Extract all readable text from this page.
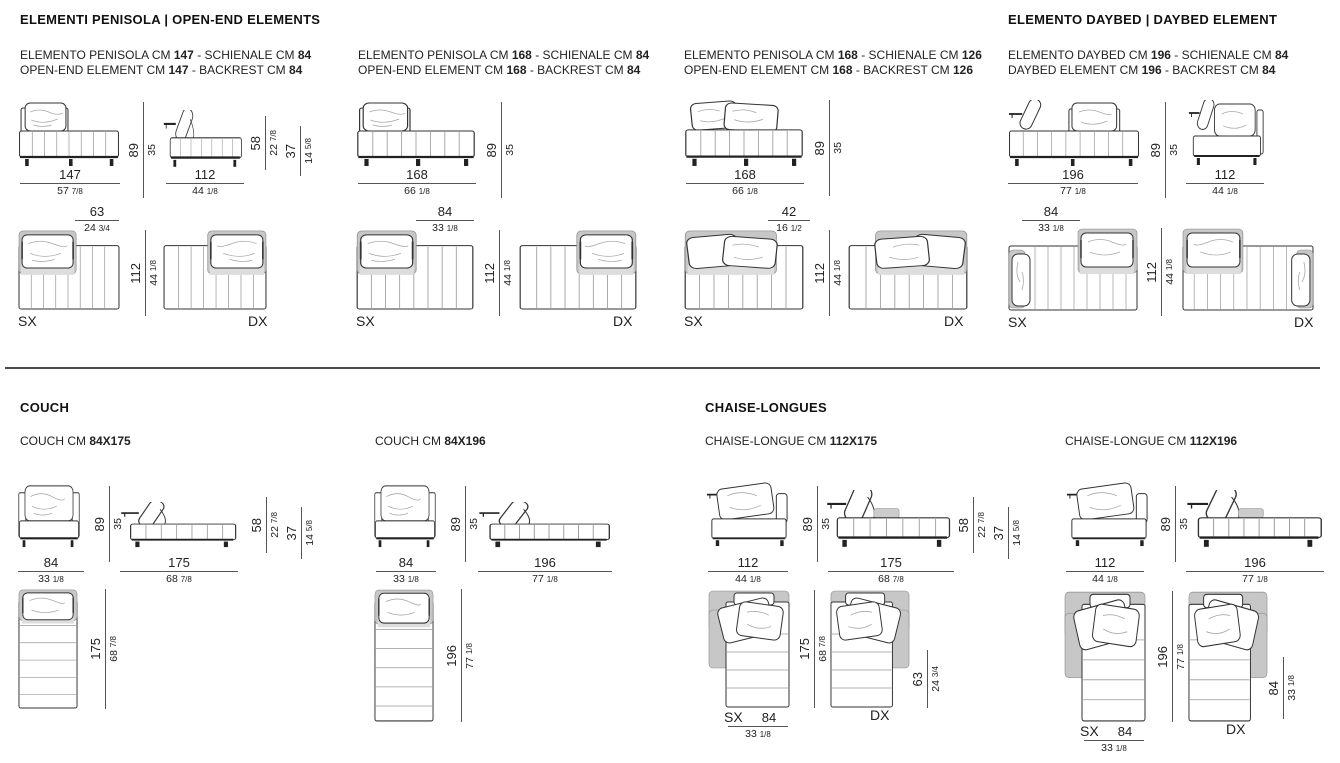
ELEMENTI PENISOLA | OPEN-END ELEMENTS	ELEMENTO DAYBED | DAYBED ELEMENT
ELEMENTO PENISOLA CM 147 - SCHIENALE CM 84
OPEN-END ELEMENT CM 147 - BACKREST CM 84
ELEMENTO PENISOLA CM 168 - SCHIENALE CM 84
OPEN-END ELEMENT CM 168 - BACKREST CM 84
ELEMENTO PENISOLA CM 168 - SCHIENALE CM 126
OPEN-END ELEMENT CM 168 - BACKREST CM 126
ELEMENTO DAYBED CM 196 - SCHIENALE CM 84
DAYBED ELEMENT CM 196 - BACKREST CM 84
89 35	58 22 7/8
37 14 5/8
147
57 7/8
112
44 1/8
63
24 3/4
112 44 1/8
SX	DX
89 35
168
66 1/8
84
33 1/8
112 44 1/8
SX	DX
89 35
168
66 1/8
42
16 1/2
112 44 1/8
SX	DX
89 35
196
77 1/8
112
44 1/8
84
33 1/8
112 44 1/8
SX	DX
COUCH	CHAISE-LONGUES
COUCH CM 84X175	COUCH CM 84X196	CHAISE-LONGUE CM 112X175	CHAISE-LONGUE CM 112X196
89 35	58 22 7/8
37 14 5/8
84
33 1/8
175
68 7/8
175 68 7/8
89 35
84
33 1/8
196
77 1/8
196 77 1/8
89 35	58 22 7/8
37 14 5/8
112
44 1/8
175
68 7/8
175 68 7/8
63 24 3/4
SX	84
33 1/8
DX
89 35
112
44 1/8
196
77 1/8
196 77 1/8
84 33 1/8
SX	84
33 1/8
DX
